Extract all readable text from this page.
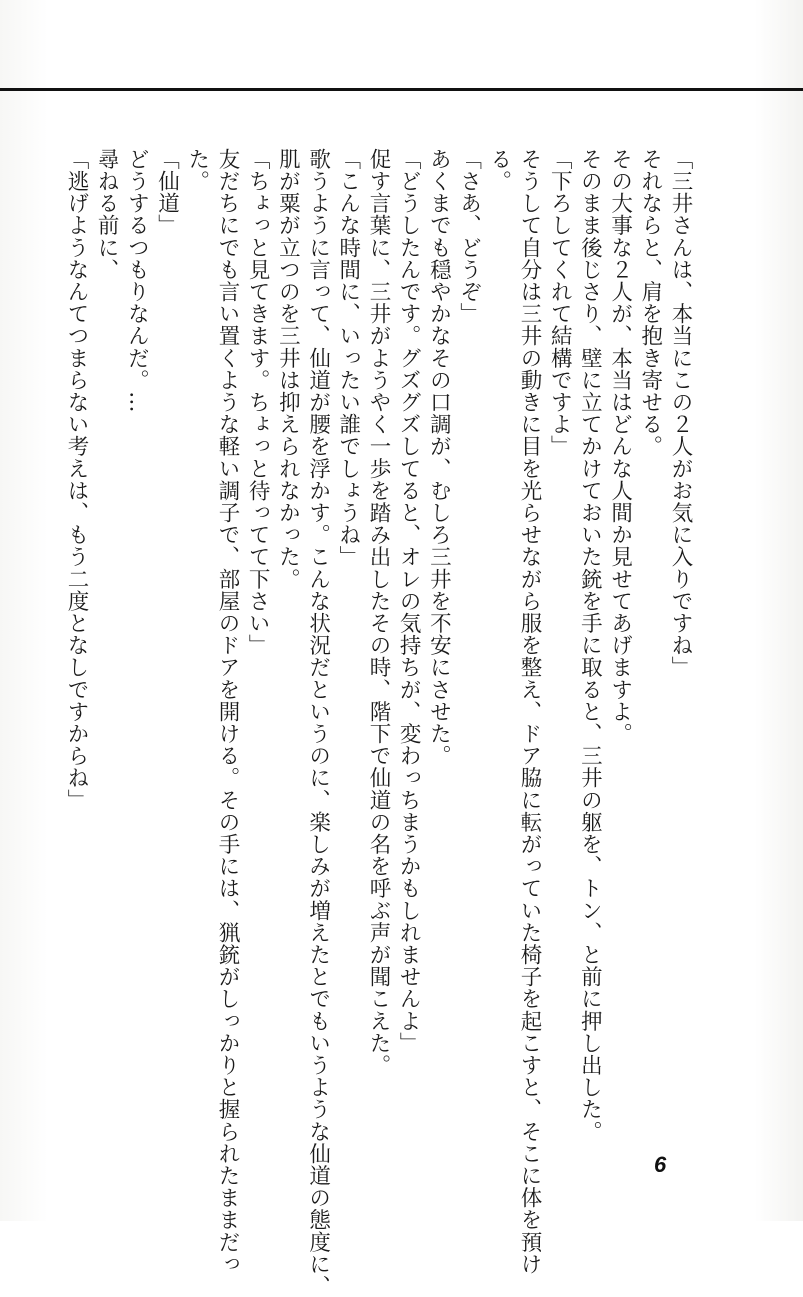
「三井さんは、本当にこの２人がお気に入りですね」
それならと、肩を抱き寄せる。
その大事な２人が、本当はどんな人間か見せてあげますよ。
そのまま後じさり、壁に立てかけておいた銃を手に取ると、三井の躯を、トン、と前に押し出した。
「下ろしてくれて結構ですよ」
そうして自分は三井の動きに目を光らせながら服を整え、ドア脇に転がっていた椅子を起こすと、そこに体を預け
る。
「さあ、どうぞ」
あくまでも穏やかなその口調が、むしろ三井を不安にさせた。
「どうしたんです。グズグズしてると、オレの気持ちが、変わっちまうかもしれませんよ」
促す言葉に、三井がようやく一歩を踏み出したその時、階下で仙道の名を呼ぶ声が聞こえた。
「こんな時間に、いったい誰でしょうね」
歌うように言って、仙道が腰を浮かす。こんな状況だというのに、楽しみが増えたとでもいうような仙道の態度に、
肌が粟が立つのを三井は抑えられなかった。
「ちょっと見てきます。ちょっと待ってて下さい」
友だちにでも言い置くような軽い調子で、部屋のドアを開ける。その手には、猟銃がしっかりと握られたままだっ
た。
「仙道」
どうするつもりなんだ。…
尋ねる前に、
「逃げようなんてつまらない考えは、もう二度となしですからね」
6
